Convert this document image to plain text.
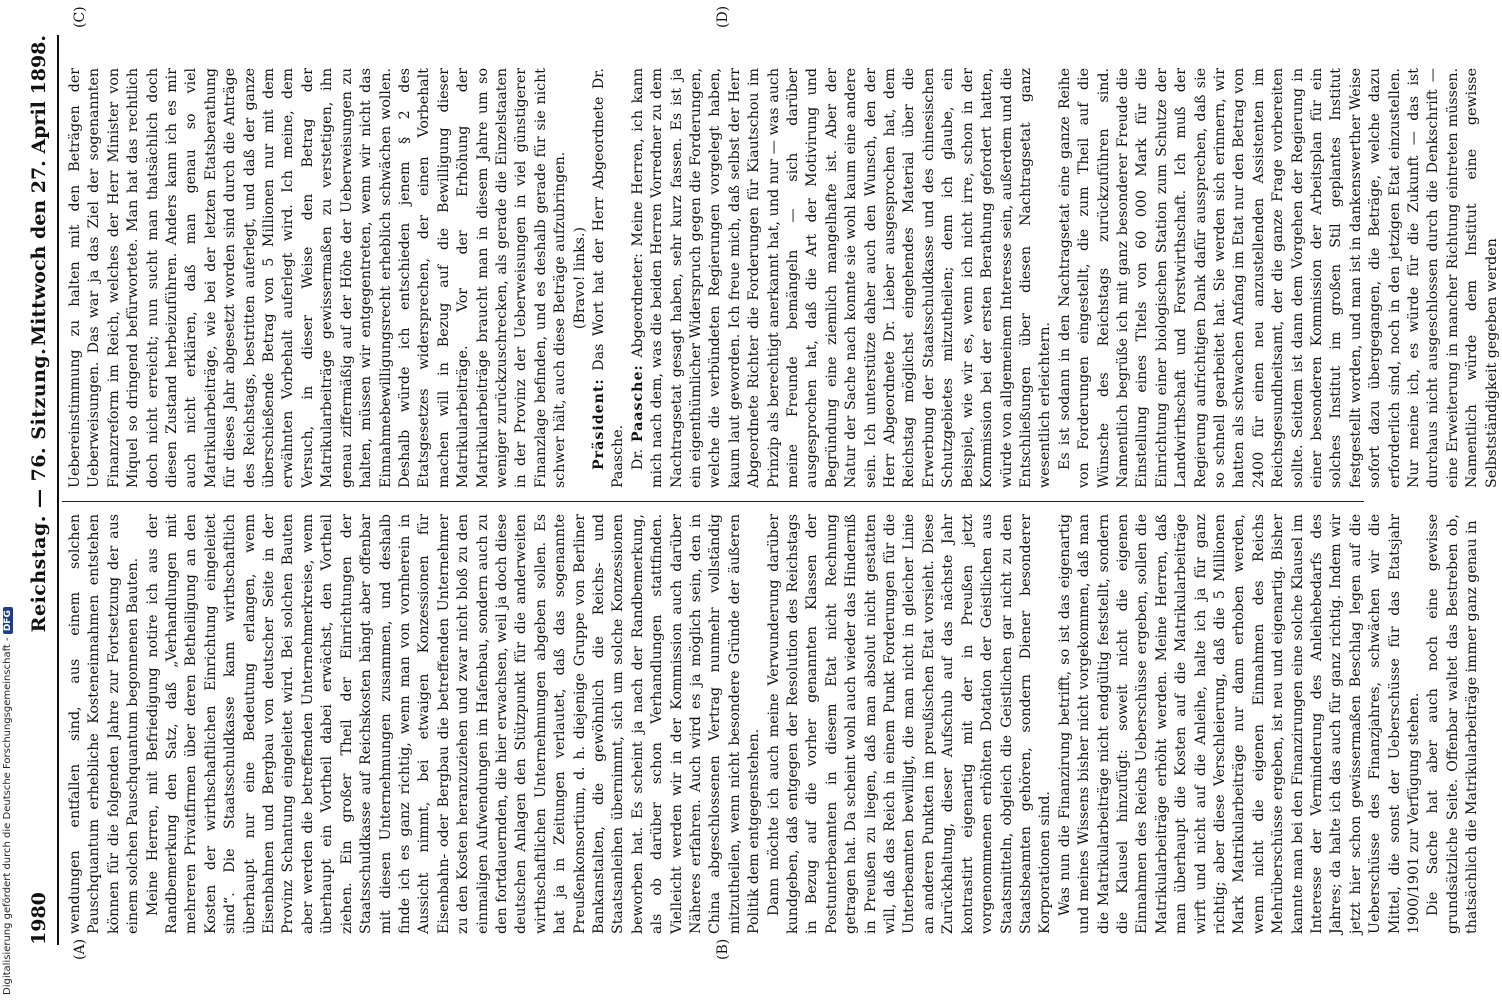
1980
Reichstag. — 76. Sitzung.
Mittwoch den 27. April 1898.
(A)	(B)
(C)	(D)

wendungen entfallen sind, aus einem solchen Pauschquantum erhebliche Kosteneinnahmen entstehen können für die folgenden Jahre zur Fortsetzung der aus einem solchen Pauschquantum begonnenen Bauten. Meine Herren, mit Befriedigung notire ich aus der Randbemerkung den Satz, daß „Verhandlungen mit mehreren Privatfirmen über deren Betheiligung an den Kosten der wirthschaftlichen Einrichtung eingeleitet sind“. Die Staatsschuldkasse kann wirthschaftlich überhaupt nur eine Bedeutung erlangen, wenn Eisenbahnen und Bergbau von deutscher Seite in der Provinz Schantung eingeleitet wird. Bei solchen Bauten aber werden die betreffenden Unternehmerkreise, wenn überhaupt ein Vortheil dabei erwächst, den Vortheil ziehen. Ein großer Theil der Einrichtungen der Staatsschuldkasse auf Reichskosten hängt aber offenbar mit diesen Unternehmungen zusammen, und deshalb finde ich es ganz richtig, wenn man von vornherein in Aussicht nimmt, bei etwaigen Konzessionen für Eisenbahn- oder Bergbau die betreffenden Unternehmer zu den Kosten heranzuziehen und zwar nicht bloß zu den einmaligen Aufwendungen im Hafenbau, sondern auch zu den fortdauernden, die hier erwachsen, weil ja doch diese deutschen Anlagen den Stützpunkt für die anderweiten wirthschaftlichen Unternehmungen abgeben sollen. Es hat ja in Zeitungen verlautet, daß das sogenannte Preußenkonsortium, d. h. diejenige Gruppe von Berliner Bankanstalten, die gewöhnlich die Reichs- und Staatsanleihen übernimmt, sich um solche Konzessionen beworben hat. Es scheint ja nach der Randbemerkung, als ob darüber schon Verhandlungen stattfinden. Vielleicht werden wir in der Kommission auch darüber Näheres erfahren. Auch wird es ja möglich sein, den in China abgeschlossenen Vertrag nunmehr vollständig mitzutheilen, wenn nicht besondere Gründe der äußeren Politik dem entgegenstehen. Dann möchte ich auch meine Verwunderung darüber kundgeben, daß entgegen der Resolution des Reichstags in Bezug auf die vorher genannten Klassen der Postunterbeamten in diesem Etat nicht Rechnung getragen hat. Da scheint wohl auch wieder das Hinderniß in Preußen zu liegen, daß man absolut nicht gestatten will, daß das Reich in einem Punkt Forderungen für die Unterbeamten bewilligt, die man nicht in gleicher Linie an anderen Punkten im preußischen Etat vorsieht. Diese Zurückhaltung, dieser Aufschub auf das nächste Jahr kontrastirt eigenartig mit der in Preußen jetzt vorgenommenen erhöhten Dotation der Geistlichen aus Staatsmitteln, obgleich die Geistlichen gar nicht zu den Staatsbeamten gehören, sondern Diener besonderer Korporationen sind. Was nun die Finanzirung betrifft, so ist das eigenartig und meines Wissens bisher nicht vorgekommen, daß man die Matrikularbeiträge nicht endgültig feststellt, sondern die Klausel hinzufügt: soweit nicht die eigenen Einnahmen des Reichs Ueberschüsse ergeben, sollen die Matrikularbeiträge erhöht werden. Meine Herren, daß man überhaupt die Kosten auf die Matrikularbeiträge wirft und nicht auf die Anleihe, halte ich ja für ganz richtig; aber diese Verschleierung, daß die 5 Millionen Mark Matrikularbeiträge nur dann erhoben werden, wenn nicht die eigenen Einnahmen des Reichs Mehrüberschüsse ergeben, ist neu und eigenartig. Bisher kannte man bei den Finanzirungen eine solche Klausel im Interesse der Verminderung des Anleihebedarfs des Jahres; da halte ich das auch für ganz richtig. Indem wir jetzt hier schon gewissermaßen Beschlag legen auf die Ueberschüsse des Finanzjahres, schwächen wir die Mittel, die sonst der Ueberschüsse für das Etatsjahr 1900/1901 zur Verfügung stehen. Die Sache hat aber auch noch eine gewisse grundsätzliche Seite. Offenbar waltet das Bestreben ob, thatsächlich die Matrikularbeiträge immer ganz genau in

Uebereinstimmung zu halten mit den Beträgen der Ueberweisungen. Das war ja das Ziel der sogenannten Finanzreform im Reich, welches der Herr Minister von Miquel so dringend befürwortete. Man hat das rechtlich doch nicht erreicht; nun sucht man thatsächlich doch diesen Zustand herbeizuführen. Anders kann ich es mir auch nicht erklären, daß man genau so viel Matrikularbeiträge, wie bei der letzten Etatsberathung für dieses Jahr abgesetzt worden sind durch die Anträge des Reichstags, bestritten auferlegt, und daß der ganze überschießende Betrag von 5 Millionen nur mit dem erwähnten Vorbehalt auferlegt wird. Ich meine, dem Versuch, in dieser Weise den Betrag der Matrikularbeiträge gewissermaßen zu verstetigen, ihn genau ziffermäßig auf der Höhe der Ueberweisungen zu halten, müssen wir entgegentreten, wenn wir nicht das Einnahmebewilligungsrecht erheblich schwächen wollen. Deshalb würde ich entschieden jenem § 2 des Etatsgesetzes widersprechen, der einen Vorbehalt machen will in Bezug auf die Bewilligung dieser Matrikularbeiträge. Vor der Erhöhung der Matrikularbeiträge braucht man in diesem Jahre um so weniger zurückzuschrecken, als gerade die Einzelstaaten in der Provinz der Ueberweisungen in viel günstigerer Finanzlage befinden, und es deshalb gerade für sie nicht schwer hält, auch diese Beträge aufzubringen. (Bravo! links.)

Präsident: Das Wort hat der Herr Abgeordnete Dr. Paasche. Dr. Paasche: Abgeordneter: Meine Herren, ich kann mich nach dem, was die beiden Herren Vorredner zu dem Nachtragsetat gesagt haben, sehr kurz fassen. Es ist ja ein eigenthümlicher Widerspruch gegen die Forderungen, welche die verbündeten Regierungen vorgelegt haben, kaum laut geworden. Ich freue mich, daß selbst der Herr Abgeordnete Richter die Forderungen für Kiautschou im Prinzip als berechtigt anerkannt hat, und nur — was auch meine Freunde bemängeln — sich darüber ausgesprochen hat, daß die Art der Motivirung und Begründung eine ziemlich mangelhafte ist. Aber der Natur der Sache nach konnte sie wohl kaum eine andere sein. Ich unterstütze daher auch den Wunsch, den der Herr Abgeordnete Dr. Lieber ausgesprochen hat, dem Reichstag möglichst eingehendes Material über die Erwerbung der Staatsschuldkasse und des chinesischen Schutzgebietes mitzutheilen; denn ich glaube, ein Beispiel, wie wir es, wenn ich nicht irre, schon in der Kommission bei der ersten Berathung gefordert hatten, würde von allgemeinem Interesse sein, außerdem und die Entschließungen über diesen Nachtragsetat ganz wesentlich erleichtern. Es ist sodann in den Nachtragsetat eine ganze Reihe von Forderungen eingestellt, die zum Theil auf die Wünsche des Reichstags zurückzuführen sind. Namentlich begrüße ich mit ganz besonderer Freude die Einstellung eines Titels von 60 000 Mark für die Einrichtung einer biologischen Station zum Schutze der Landwirthschaft und Forstwirthschaft. Ich muß der Regierung aufrichtigen Dank dafür aussprechen, daß sie so schnell gearbeitet hat. Sie werden sich erinnern, wir hatten als schwachen Anfang im Etat nur den Betrag von 2400 für einen neu anzustellenden Assistenten im Reichsgesundheitsamt, der die ganze Frage vorbereiten sollte. Seitdem ist dann dem Vorgehen der Regierung in einer besonderen Kommission der Arbeitsplan für ein solches Institut im großen Stil geplantes Institut festgestellt worden, und man ist in dankenswerther Weise sofort dazu übergegangen, die Beträge, welche dazu erforderlich sind, noch in den jetzigen Etat einzustellen. Nur meine ich, es würde für die Zukunft — das ist durchaus nicht ausgeschlossen durch die Denkschrift — eine Erweiterung in mancher Richtung eintreten müssen. Namentlich würde dem Institut eine gewisse Selbstständigkeit gegeben werden

Digitalisierung gefördert durch die Deutsche Forschungsgemeinschaft - DFG
